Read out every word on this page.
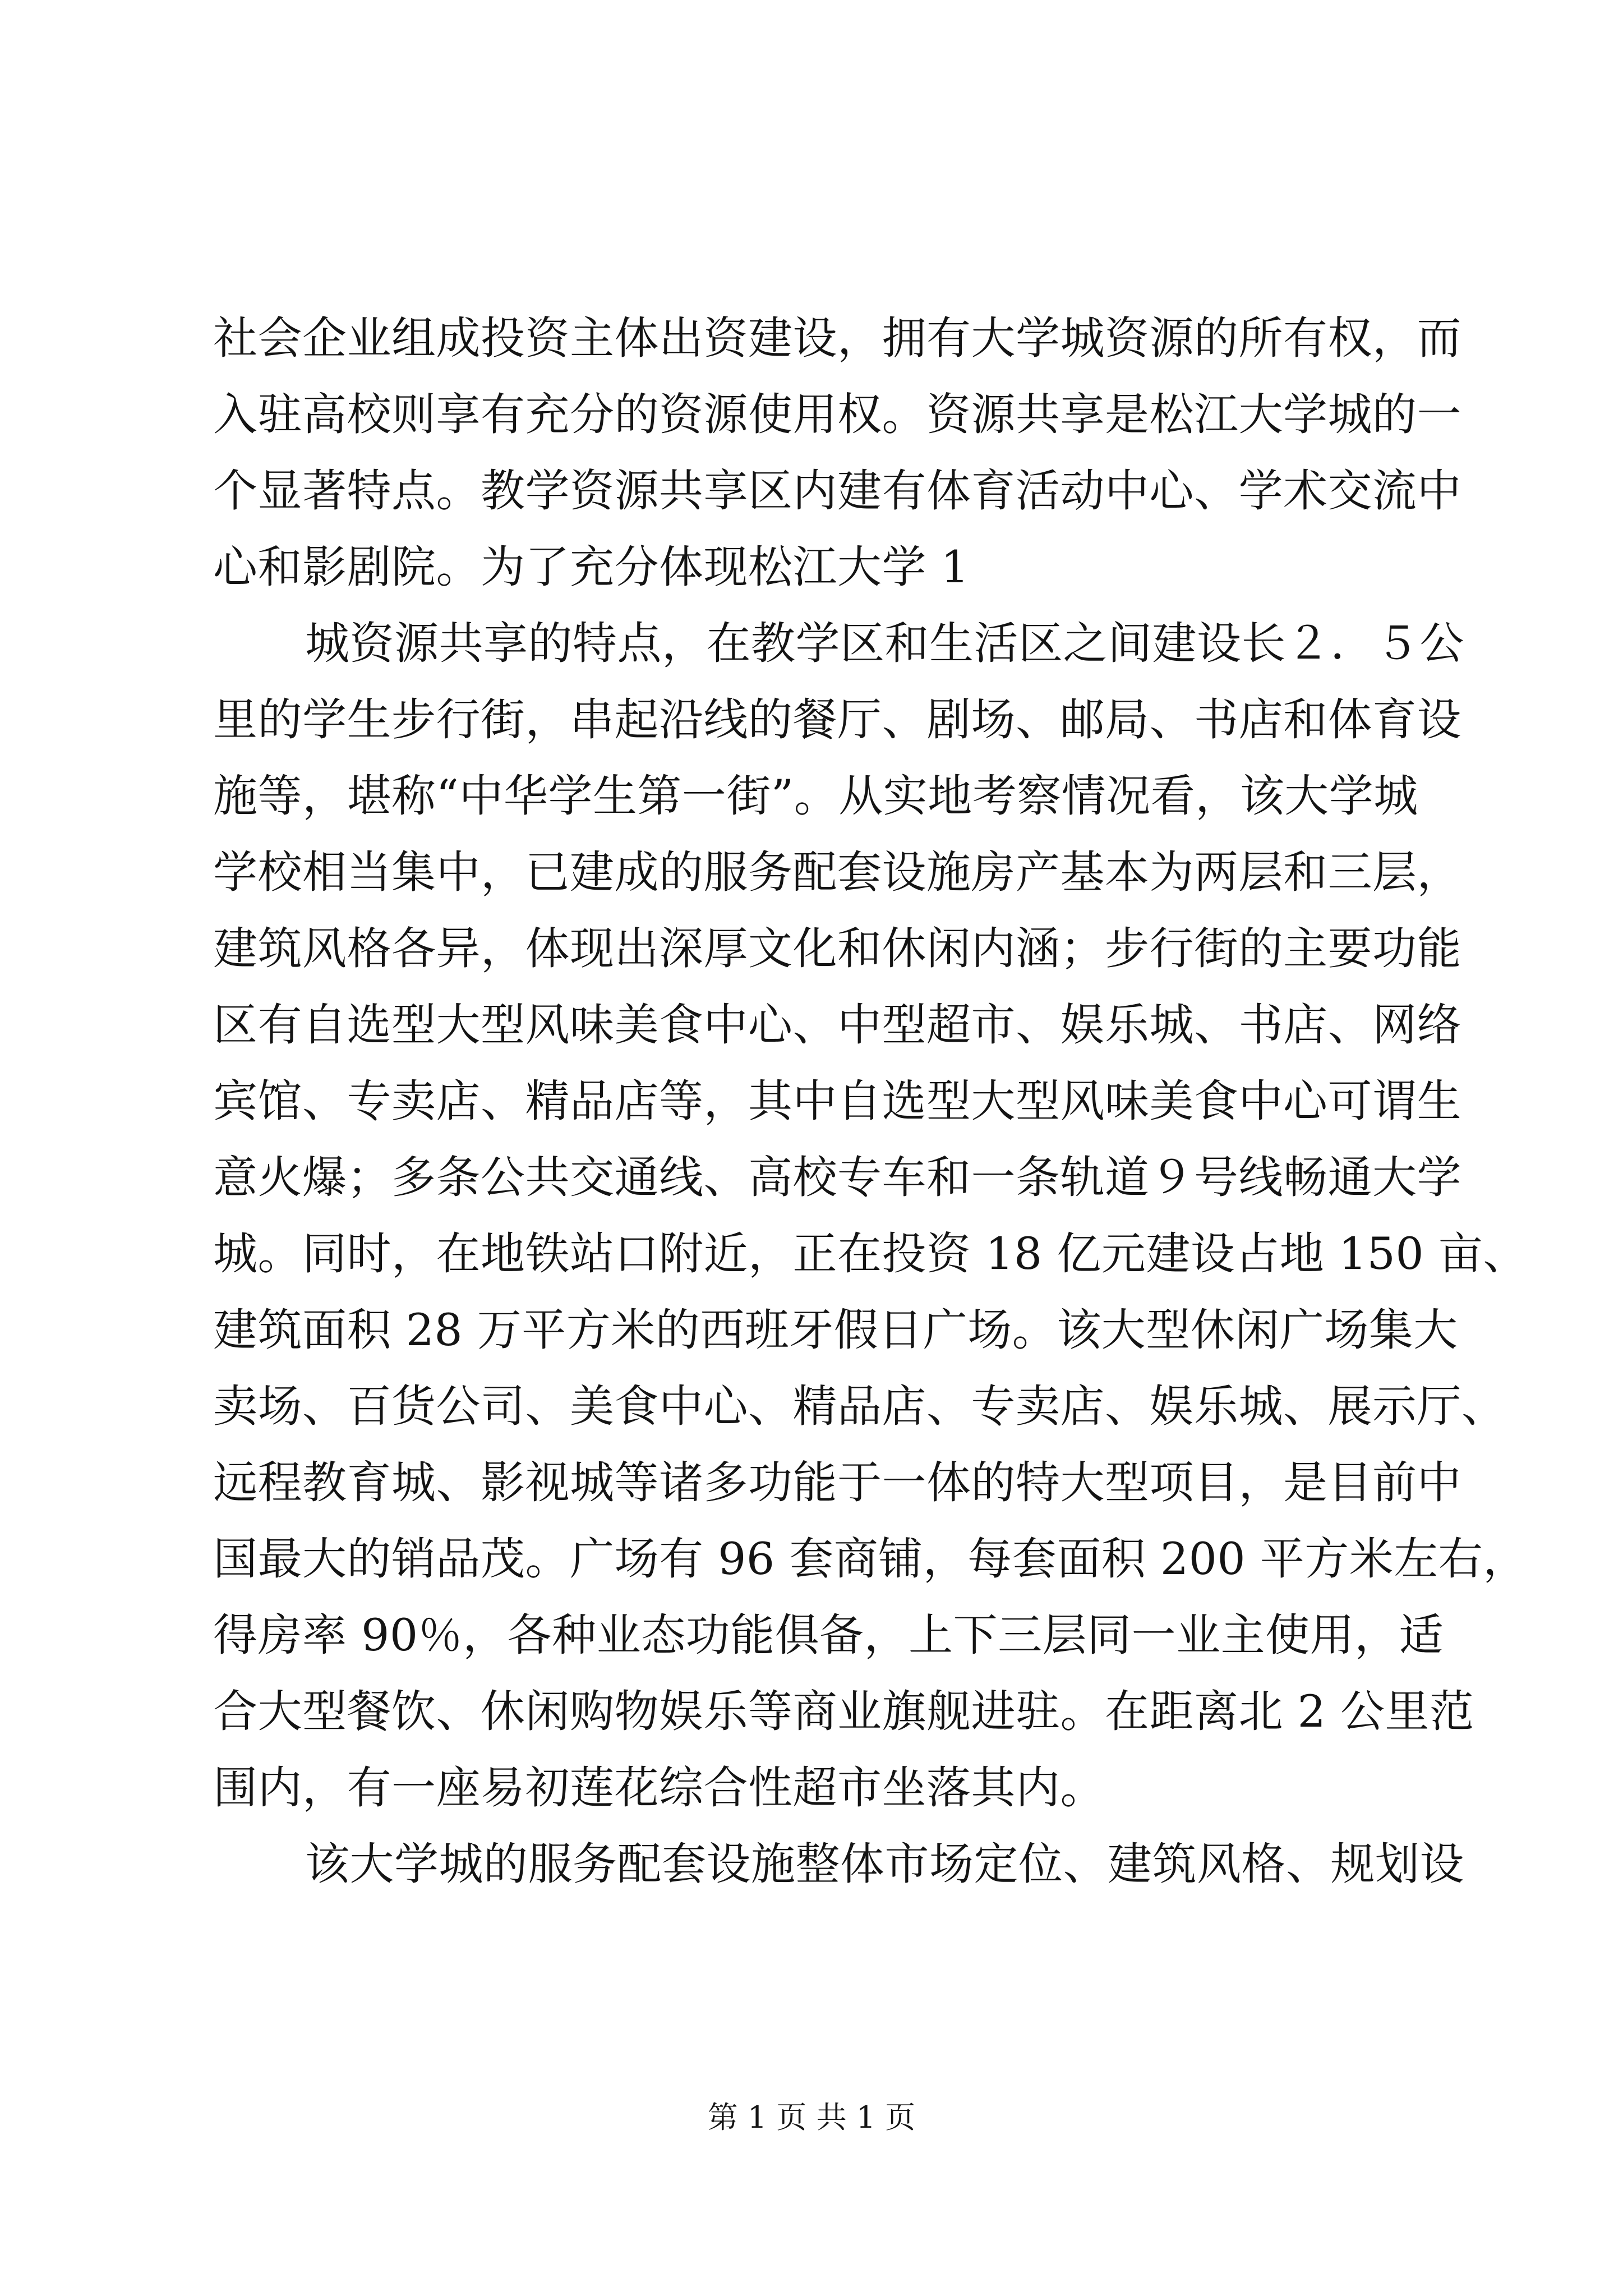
社会企业组成投资主体出资建设，拥有大学城资源的所有权，而
入驻高校则享有充分的资源使用权。资源共享是松江大学城的一
个显著特点。教学资源共享区内建有体育活动中心、学术交流中
心和影剧院。为了充分体现松江大学 1
城资源共享的特点，在教学区和生活区之间建设长２．５公
里的学生步行街，串起沿线的餐厅、剧场、邮局、书店和体育设
施等，堪称“中华学生第一街”。从实地考察情况看，该大学城
学校相当集中，已建成的服务配套设施房产基本为两层和三层，
建筑风格各异，体现出深厚文化和休闲内涵；步行街的主要功能
区有自选型大型风味美食中心、中型超市、娱乐城、书店、网络
宾馆、专卖店、精品店等，其中自选型大型风味美食中心可谓生
意火爆；多条公共交通线、高校专车和一条轨道９号线畅通大学
城。同时，在地铁站口附近，正在投资 18 亿元建设占地 150 亩、
建筑面积 28 万平方米的西班牙假日广场。该大型休闲广场集大
卖场、百货公司、美食中心、精品店、专卖店、娱乐城、展示厅、
远程教育城、影视城等诸多功能于一体的特大型项目，是目前中
国最大的销品茂。广场有 96 套商铺，每套面积 200 平方米左右，
得房率 90％，各种业态功能俱备，上下三层同一业主使用，适
合大型餐饮、休闲购物娱乐等商业旗舰进驻。在距离北 2 公里范
围内，有一座易初莲花综合性超市坐落其内。
该大学城的服务配套设施整体市场定位、建筑风格、规划设
第 1 页 共 1 页
